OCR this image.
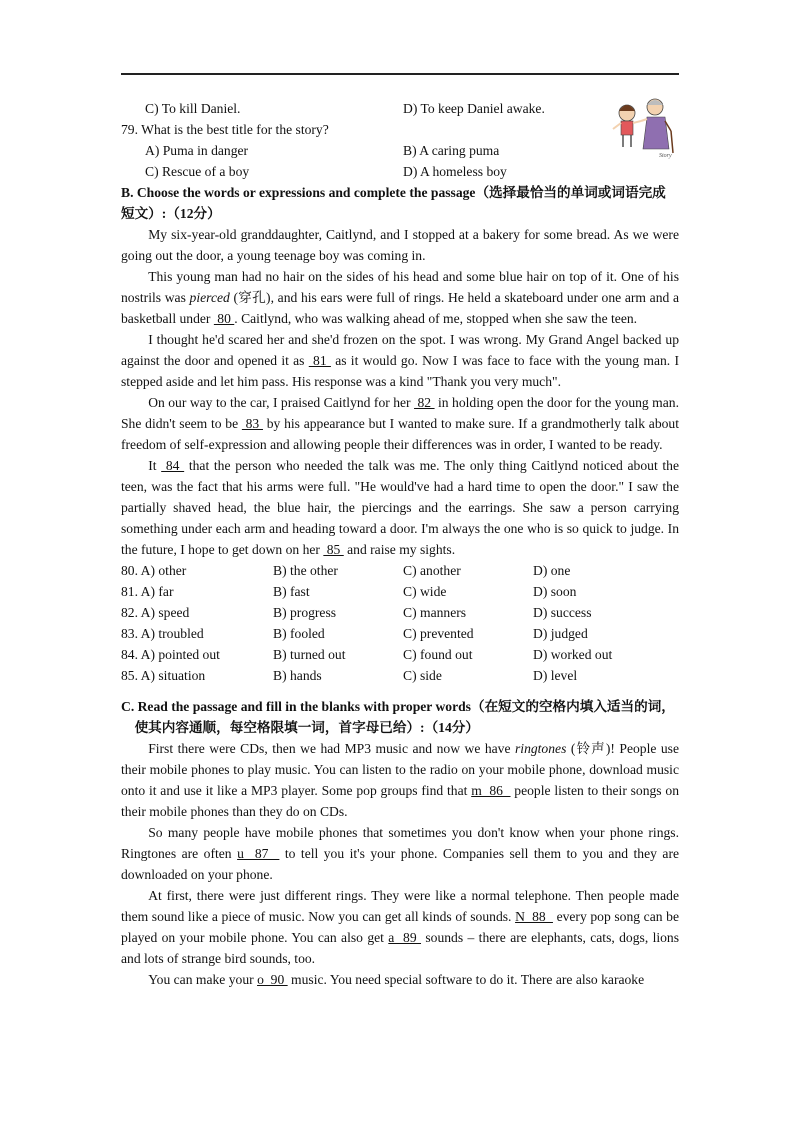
Story
C) To kill Daniel.	D) To keep Daniel awake.
79. What is the best title for the story?
A) Puma in danger	B) A caring puma
C) Rescue of a boy	D) A homeless boy
B. Choose the words or expressions and complete the passage（选择最恰当的单词或词语完成短文）:（12分）
My six-year-old granddaughter, Caitlynd, and I stopped at a bakery for some bread. As we were going out the door, a young teenage boy was coming in.
This young man had no hair on the sides of his head and some blue hair on top of it. One of his nostrils was pierced (穿孔), and his ears were full of rings. He held a skateboard under one arm and a basketball under  80 . Caitlynd, who was walking ahead of me, stopped when she saw the teen.
I thought he'd scared her and she'd frozen on the spot. I was wrong. My Grand Angel backed up against the door and opened it as  81  as it would go. Now I was face to face with the young man. I stepped aside and let him pass. His response was a kind "Thank you very much".
On our way to the car, I praised Caitlynd for her  82  in holding open the door for the young man. She didn't seem to be  83  by his appearance but I wanted to make sure. If a grandmotherly talk about freedom of self-expression and allowing people their differences was in order, I wanted to be ready.
It  84  that the person who needed the talk was me. The only thing Caitlynd noticed about the teen, was the fact that his arms were full. "He would've had a hard time to open the door." I saw the partially shaved head, the blue hair, the piercings and the earrings. She saw a person carrying something under each arm and heading toward a door. I'm always the one who is so quick to judge. In the future, I hope to get down on her  85  and raise my sights.
80. A) other	B) the other	C) another	D) one
81. A) far	B) fast	C) wide	D) soon
82. A) speed	B) progress	C) manners	D) success
83. A) troubled	B) fooled	C) prevented	D) judged
84. A) pointed out	B) turned out	C) found out	D) worked out
85. A) situation	B) hands	C) side	D) level
C. Read the passage and fill in the blanks with proper words（在短文的空格内填入适当的词，
使其内容通顺，每空格限填一词，首字母已给）:（14分）
First there were CDs, then we had MP3 music and now we have ringtones (铃声)! People use their mobile phones to play music. You can listen to the radio on your mobile phone, download music onto it and use it like a MP3 player. Some pop groups find that m  86   people listen to their songs on their mobile phones than they do on CDs.
So many people have mobile phones that sometimes you don't know when your phone rings. Ringtones are often u  87   to tell you it's your phone. Companies sell them to you and they are downloaded on your phone.
At first, there were just different rings. They were like a normal telephone. Then people made them sound like a piece of music. Now you can get all kinds of sounds. N  88   every pop song can be played on your mobile phone. You can also get a  89  sounds – there are elephants, cats, dogs, lions and lots of strange bird sounds, too.
You can make your o  90  music. You need special software to do it. There are also karaoke
